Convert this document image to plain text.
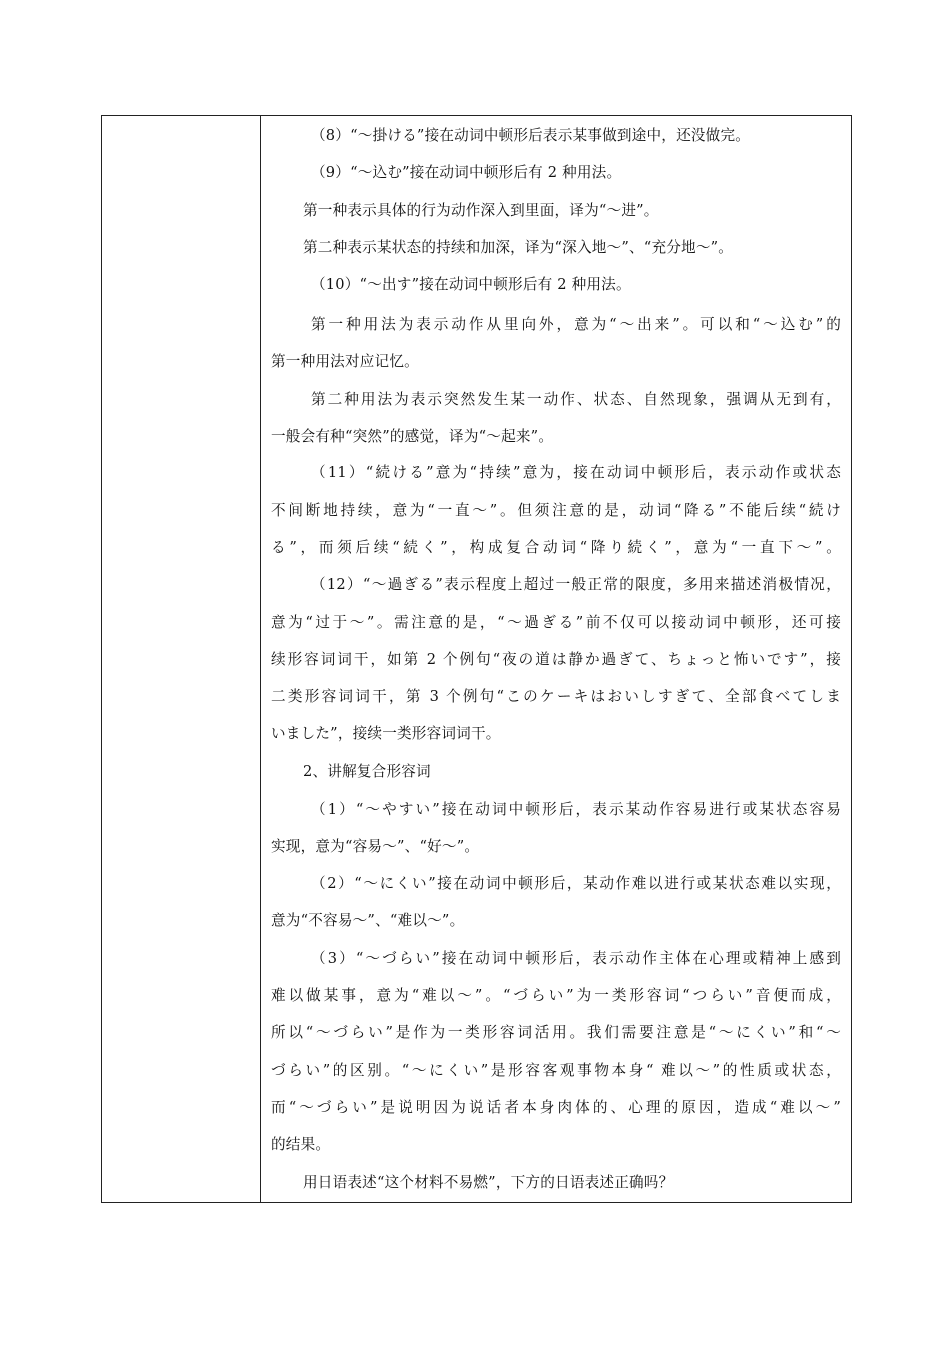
（8）“～掛ける”接在动词中顿形后表示某事做到途中，还没做完。
（9）“～込む”接在动词中顿形后有 2 种用法。
第一种表示具体的行为动作深入到里面，译为“～进”。
第二种表示某状态的持续和加深，译为“深入地～”、“充分地～”。
（10）“～出す”接在动词中顿形后有 2 种用法。
第一种用法为表示动作从里向外，意为“～出来”。可以和“～込む”的
第一种用法对应记忆。
第二种用法为表示突然发生某一动作、状态、自然现象，强调从无到有，
一般会有种“突然”的感觉，译为“～起来”。
（11）“続ける”意为“持续”意为，接在动词中顿形后，表示动作或状态
不间断地持续，意为“一直～”。但须注意的是，动词“降る”不能后续“続け
る”，而须后续“続く”，构成复合动词“降り続く”，意为“一直下～”。
（12）“～過ぎる”表示程度上超过一般正常的限度，多用来描述消极情况，
意为“过于～”。需注意的是，“～過ぎる”前不仅可以接动词中顿形，还可接
续形容词词干，如第 2 个例句“夜の道は静か過ぎて、ちょっと怖いです”，接
二类形容词词干，第 3 个例句“このケーキはおいしすぎて、全部食べてしま
いました”，接续一类形容词词干。
2、讲解复合形容词
（1）“～やすい”接在动词中顿形后，表示某动作容易进行或某状态容易
实现，意为“容易～”、“好～”。
（2）“～にくい”接在动词中顿形后，某动作难以进行或某状态难以实现，
意为“不容易～”、“难以～”。
（3）“～づらい”接在动词中顿形后，表示动作主体在心理或精神上感到
难以做某事，意为“难以～”。“づらい”为一类形容词“つらい”音便而成，
所以“～づらい”是作为一类形容词活用。我们需要注意是“～にくい”和“～
づらい”的区别。“～にくい”是形容客观事物本身“ 难以～”的性质或状态，
而“～づらい”是说明因为说话者本身肉体的、心理的原因，造成“难以～”
的结果。
用日语表述“这个材料不易燃”，下方的日语表述正确吗？
